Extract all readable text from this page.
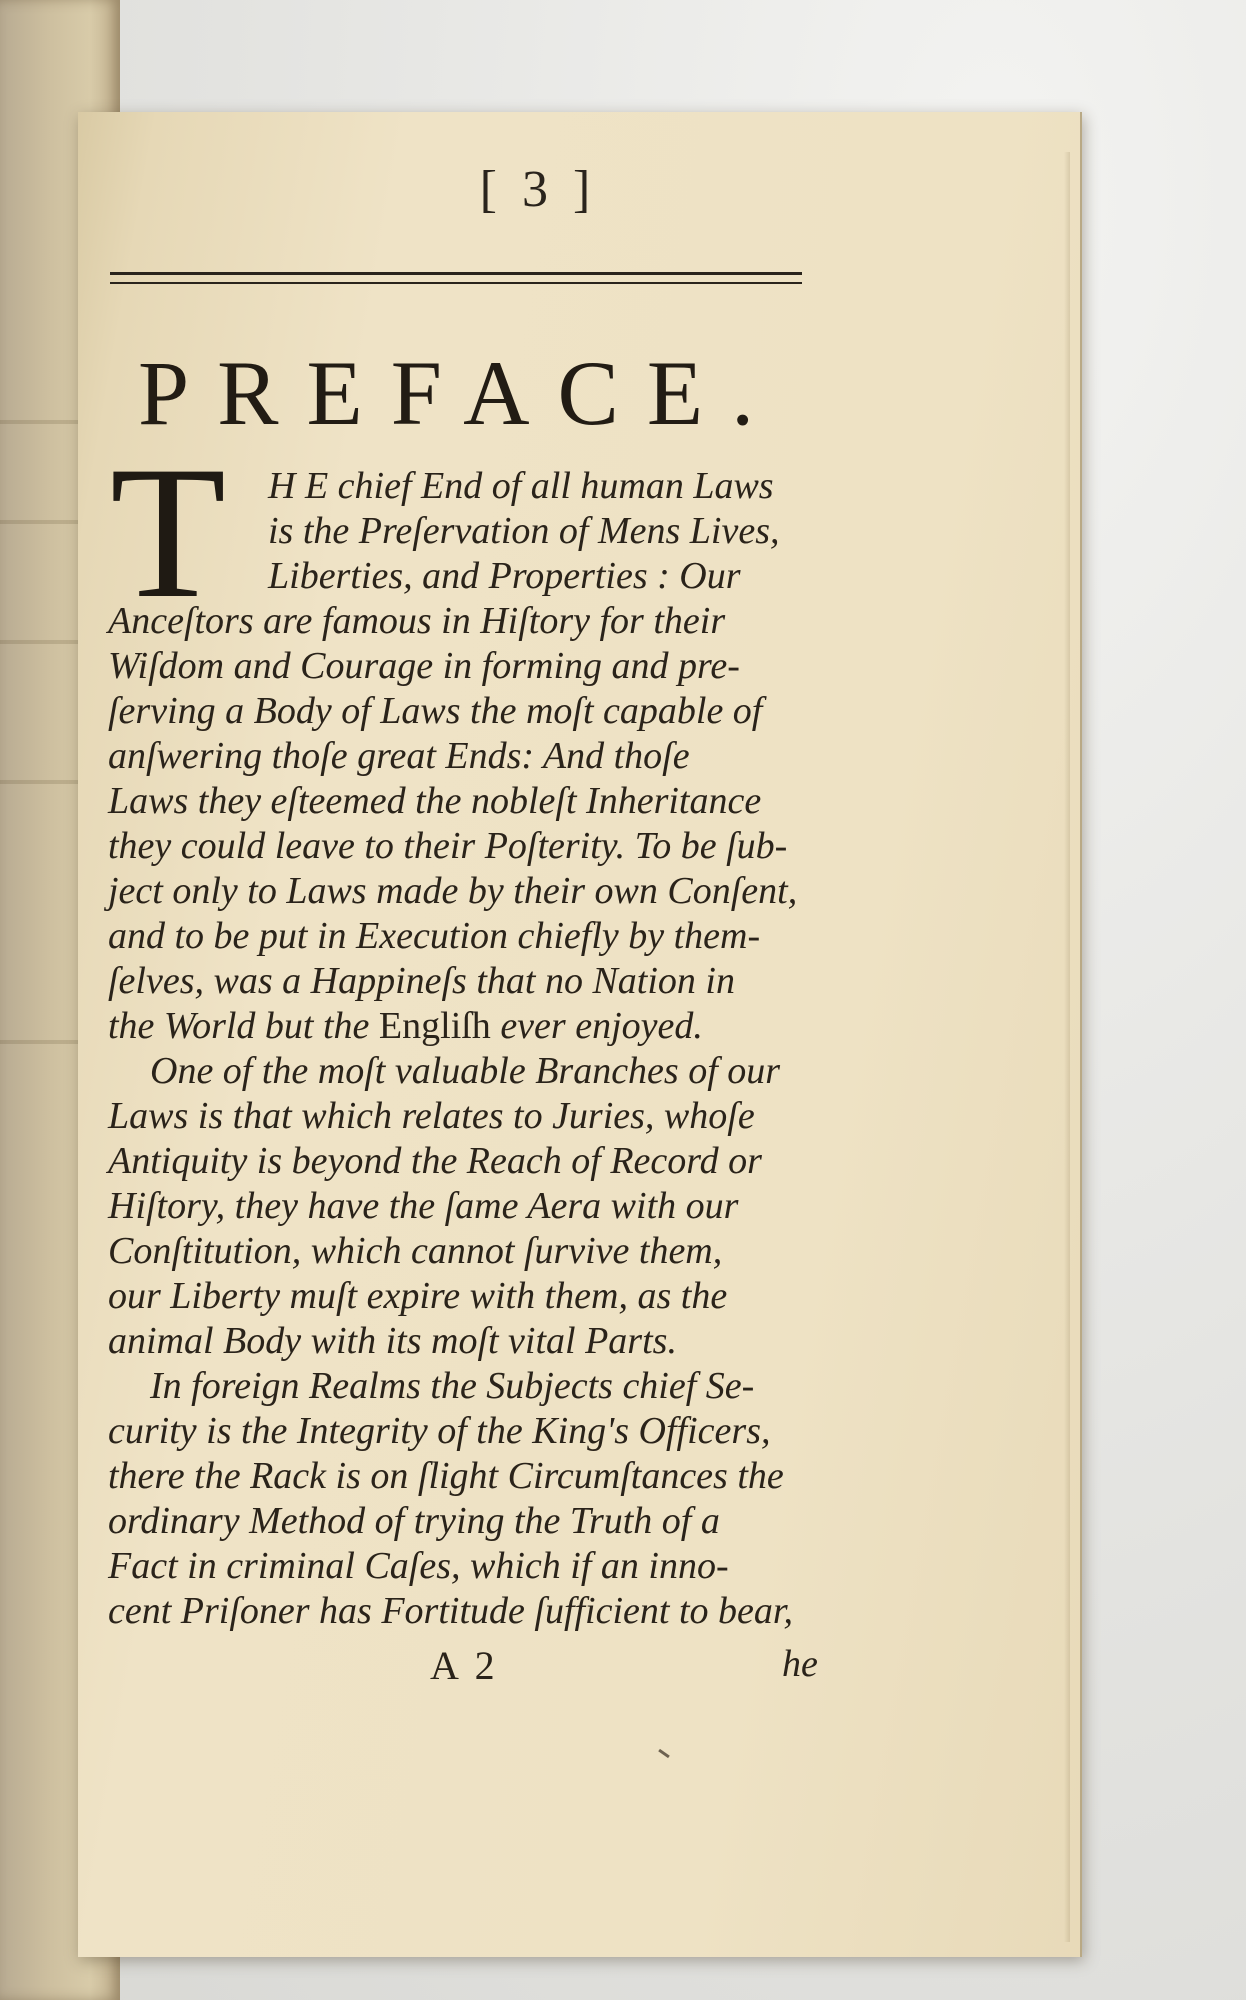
[ 3 ]
PREFACE.
T H E chief End of all human Laws
is the Preſervation of Mens Lives,
Liberties, and Properties : Our
Anceſtors are famous in Hiſtory for their
Wiſdom and Courage in forming and pre-
ſerving a Body of Laws the moſt capable of
anſwering thoſe great Ends: And thoſe
Laws they eſteemed the nobleſt Inheritance
they could leave to their Poſterity. To be ſub-
ject only to Laws made by their own Conſent,
and to be put in Execution chiefly by them-
ſelves, was a Happineſs that no Nation in
the World but the
Engliſh
ever enjoyed.
One of the moſt valuable Branches of our
Laws is that which relates to Juries, whoſe
Antiquity is beyond the Reach of Record or
Hiſtory, they have the ſame Aera with our
Conſtitution, which cannot ſurvive them,
our Liberty muſt expire with them, as the
animal Body with its moſt vital Parts.
In foreign Realms the Subjects chief Se-
curity is the Integrity of the King's Officers,
there the Rack is on ſlight Circumſtances the
ordinary Method of trying the Truth of a
Fact in criminal Caſes, which if an inno-
cent Priſoner has Fortitude ſufficient to bear,
A 2	he
